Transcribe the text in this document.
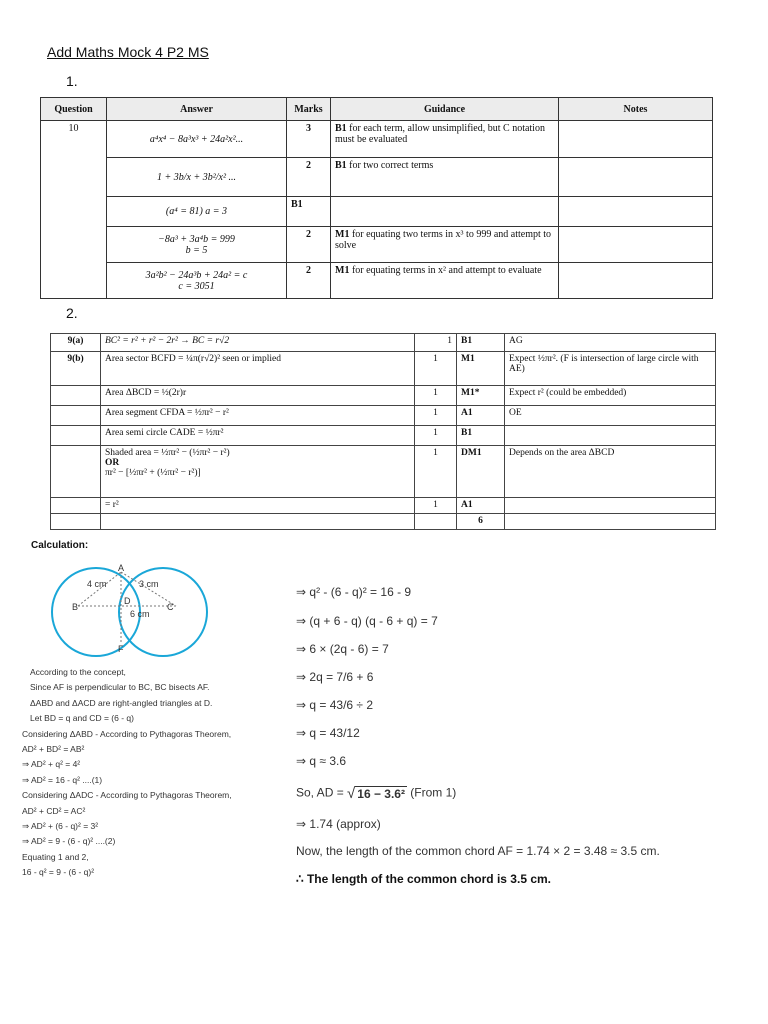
Add Maths Mock 4 P2 MS
1.
Question	Answer	Marks	Guidance	Notes
10	a⁴x⁴ − 8a³x³ + 24a²x²...	3	B1 for each term, allow unsimplified, but C notation must be evaluated	
	1 + 3b/x + 3b²/x² ...	2	B1 for two correct terms	
	(a⁴ = 81) a = 3	B1		

	−8a³ + 3a⁴b = 999
b = 5	2	M1 for equating two terms in x³ to 999 and attempt to solve	

	3a²b² − 24a³b + 24a² = c
c = 3051	2	M1 for equating terms in x² and attempt to evaluate	
2.
9(a)	BC² = r² + r² − 2r² → BC = r√2	1	B1	AG
9(b)	Area sector BCFD = ¼π(r√2)² seen or implied	1	M1	Expect ½πr². (F is intersection of large circle with AE)
	Area ΔBCD = ½(2r)r	1	M1*	Expect r² (could be embedded)
	Area segment CFDA = ½πr² − r²	1	A1	OE
	Area semi circle CADE = ½πr²	1	B1	

	Shaded area = ½πr² − (½πr² − r²)
OR
πr² − [½πr² + (½πr² − r²)]	1	DM1	Depends on the area ΔBCD
	= r²	1	A1	
			6	
Calculation:
A
B	C
D
F
4 cm	3 cm
6 cm
According to the concept,
Since AF is perpendicular to BC, BC bisects AF.
ΔABD and ΔACD are right-angled triangles at D.
Let BD = q and CD = (6 - q)
Considering ΔABD - According to Pythagoras Theorem,
AD² + BD² = AB²
⇒ AD² + q² = 4²
⇒ AD² = 16 - q² ....(1)
Considering ΔADC - According to Pythagoras Theorem,
AD² + CD² = AC²
⇒ AD² + (6 - q)² = 3²
⇒ AD² = 9 - (6 - q)² ....(2)
Equating 1 and 2,
16 - q² = 9 - (6 - q)²
⇒ q² - (6 - q)² = 16 - 9
⇒ (q + 6 - q) (q - 6 + q) = 7
⇒ 6 × (2q - 6) = 7
⇒ 2q = 7/6 + 6
⇒ q = 43/6 ÷ 2
⇒ q = 43/12
⇒ q ≈ 3.6
So, AD = √ 16 − 3.6² (From 1)
⇒ 1.74 (approx)
Now, the length of the common chord AF = 1.74 × 2 = 3.48 ≈ 3.5 cm.
∴ The length of the common chord is 3.5 cm.
